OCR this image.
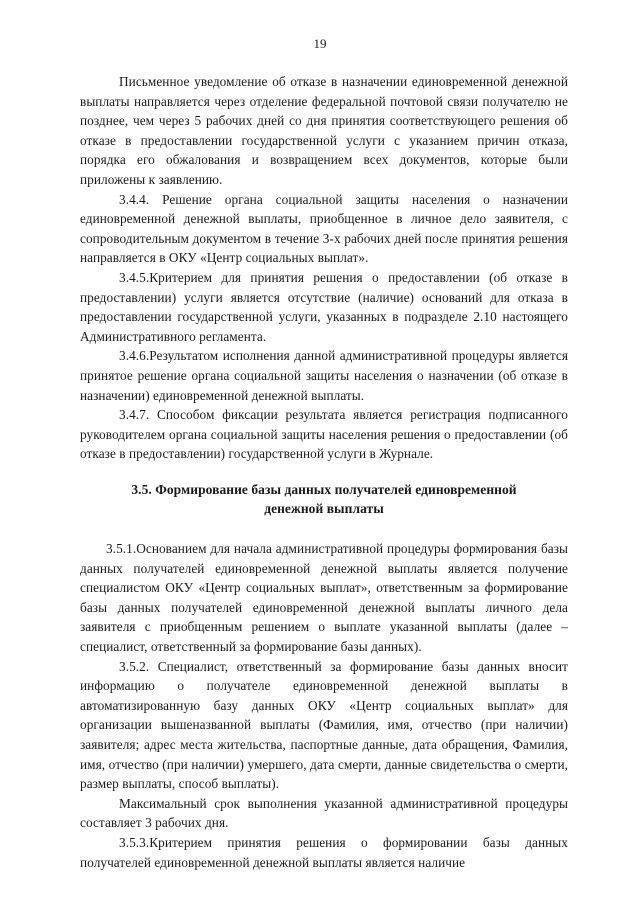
19

Письменное уведомление об отказе в назначении единовременной денежной выплаты направляется через отделение федеральной почтовой связи получателю не позднее, чем через 5 рабочих дней со дня принятия соответствующего решения об отказе в предоставлении государственной услуги с указанием причин отказа, порядка его обжалования и возвращением всех документов, которые были приложены к заявлению.

3.4.4. Решение органа социальной защиты населения о назначении единовременной денежной выплаты, приобщенное в личное дело заявителя, с сопроводительным документом в течение 3-х рабочих дней после принятия решения направляется в ОКУ «Центр социальных выплат».

3.4.5.Критерием для принятия решения о предоставлении (об отказе в предоставлении) услуги является отсутствие (наличие) оснований для отказа в предоставлении государственной услуги, указанных в подразделе 2.10 настоящего Административного регламента.

3.4.6.Результатом исполнения данной административной процедуры является принятое решение органа социальной защиты населения о назначении (об отказе в назначении) единовременной денежной выплаты.

3.4.7. Способом фиксации результата является регистрация подписанного руководителем органа социальной защиты населения решения о предоставлении (об отказе в предоставлении) государственной услуги в Журнале.

3.5. Формирование базы данных получателей единовременной
денежной выплаты

3.5.1.Основанием для начала административной процедуры формирования базы данных получателей единовременной денежной выплаты является получение специалистом ОКУ «Центр социальных выплат», ответственным за формирование базы данных получателей единовременной денежной выплаты личного дела заявителя с приобщенным решением о выплате указанной выплаты (далее – специалист, ответственный за формирование базы данных).

3.5.2. Специалист, ответственный за формирование базы данных вносит информацию о получателе единовременной денежной выплаты в автоматизированную базу данных ОКУ «Центр социальных выплат» для организации вышеназванной выплаты (Фамилия, имя, отчество (при наличии) заявителя; адрес места жительства, паспортные данные, дата обращения, Фамилия, имя, отчество (при наличии) умершего, дата смерти, данные свидетельства о смерти, размер выплаты, способ выплаты).

Максимальный срок выполнения указанной административной процедуры составляет 3 рабочих дня.

3.5.3.Критерием принятия решения о формировании базы данных получателей единовременной денежной выплаты является наличие
